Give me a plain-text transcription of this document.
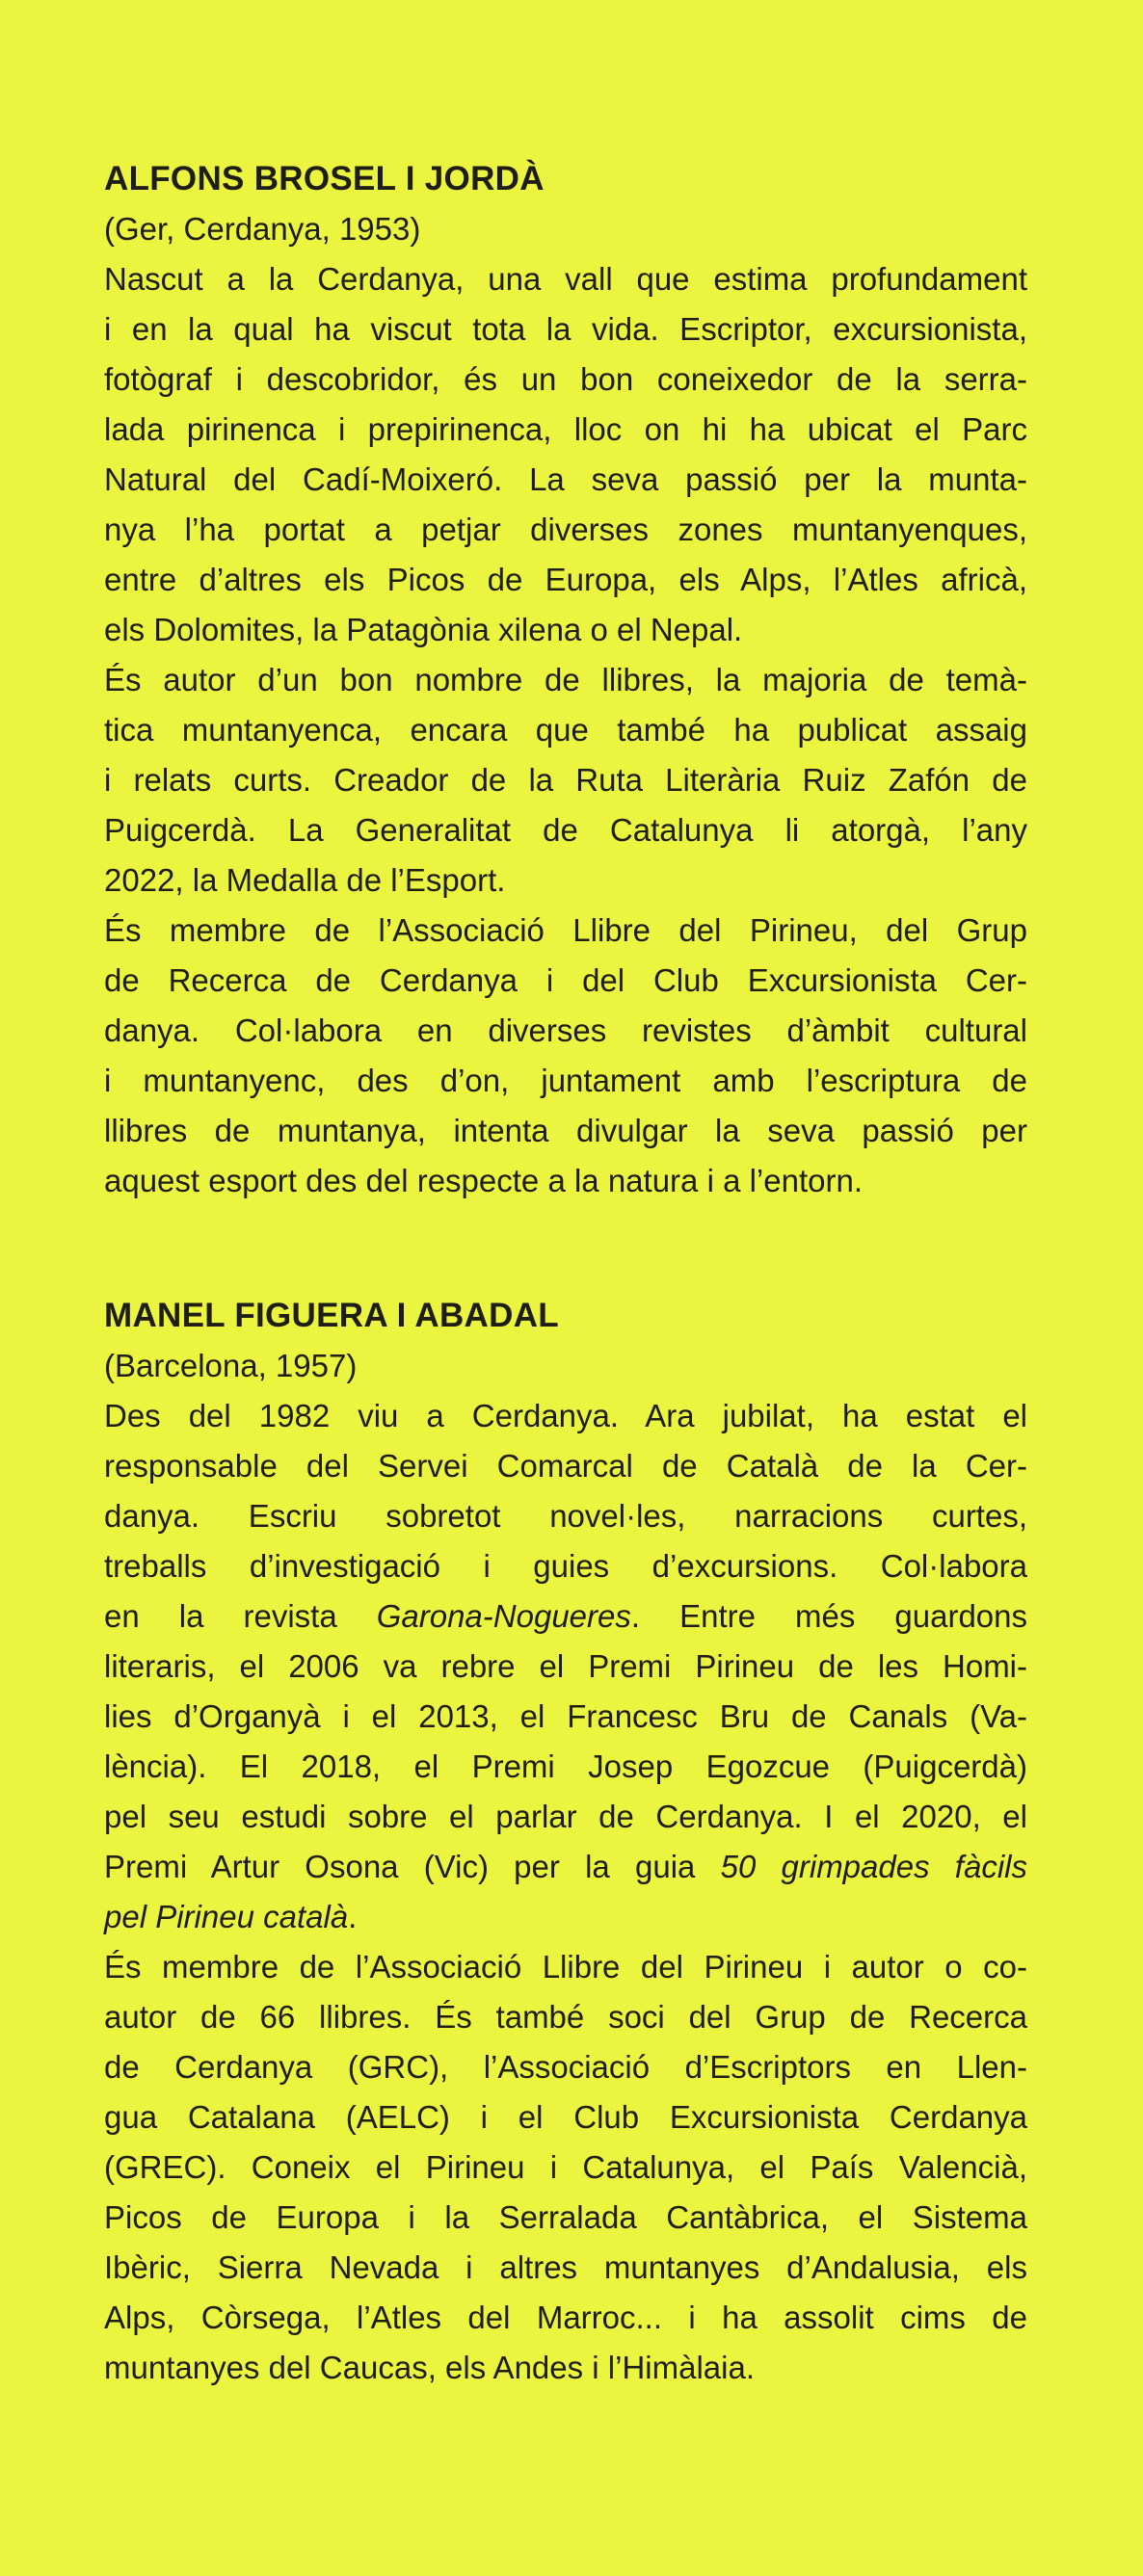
ALFONS BROSEL I JORDÀ
(Ger, Cerdanya, 1953)

Nascut a la Cerdanya, una vall que estima profundament
i en la qual ha viscut tota la vida. Escriptor, excursionista,
fotògraf i descobridor, és un bon coneixedor de la serra-
lada pirinenca i prepirinenca, lloc on hi ha ubicat el Parc
Natural del Cadí-Moixeró. La seva passió per la munta-
nya l’ha portat a petjar diverses zones muntanyenques,
entre d’altres els Picos de Europa, els Alps, l’Atles africà,
els Dolomites, la Patagònia xilena o el Nepal.

És autor d’un bon nombre de llibres, la majoria de temà-
tica muntanyenca, encara que també ha publicat assaig
i relats curts. Creador de la Ruta Literària Ruiz Zafón de
Puigcerdà. La Generalitat de Catalunya li atorgà, l’any
2022, la Medalla de l’Esport.

És membre de l’Associació Llibre del Pirineu, del Grup
de Recerca de Cerdanya i del Club Excursionista Cer-
danya. Col·labora en diverses revistes d’àmbit cultural
i muntanyenc, des d’on, juntament amb l’escriptura de
llibres de muntanya, intenta divulgar la seva passió per
aquest esport des del respecte a la natura i a l’entorn.

MANEL FIGUERA I ABADAL
(Barcelona, 1957)

Des del 1982 viu a Cerdanya. Ara jubilat, ha estat el
responsable del Servei Comarcal de Català de la Cer-
danya. Escriu sobretot novel·les, narracions curtes,
treballs d’investigació i guies d’excursions. Col·labora
en la revista Garona-Nogueres. Entre més guardons
literaris, el 2006 va rebre el Premi Pirineu de les Homi-
lies d’Organyà i el 2013, el Francesc Bru de Canals (Va-
lència). El 2018, el Premi Josep Egozcue (Puigcerdà)
pel seu estudi sobre el parlar de Cerdanya. I el 2020, el
Premi Artur Osona (Vic) per la guia 50 grimpades fàcils
pel Pirineu català.

És membre de l’Associació Llibre del Pirineu i autor o co-
autor de 66 llibres. És també soci del Grup de Recerca
de Cerdanya (GRC), l’Associació d’Escriptors en Llen-
gua Catalana (AELC) i el Club Excursionista Cerdanya
(GREC). Coneix el Pirineu i Catalunya, el País Valencià,
Picos de Europa i la Serralada Cantàbrica, el Sistema
Ibèric, Sierra Nevada i altres muntanyes d’Andalusia, els
Alps, Còrsega, l’Atles del Marroc... i ha assolit cims de
muntanyes del Caucas, els Andes i l’Himàlaia.
